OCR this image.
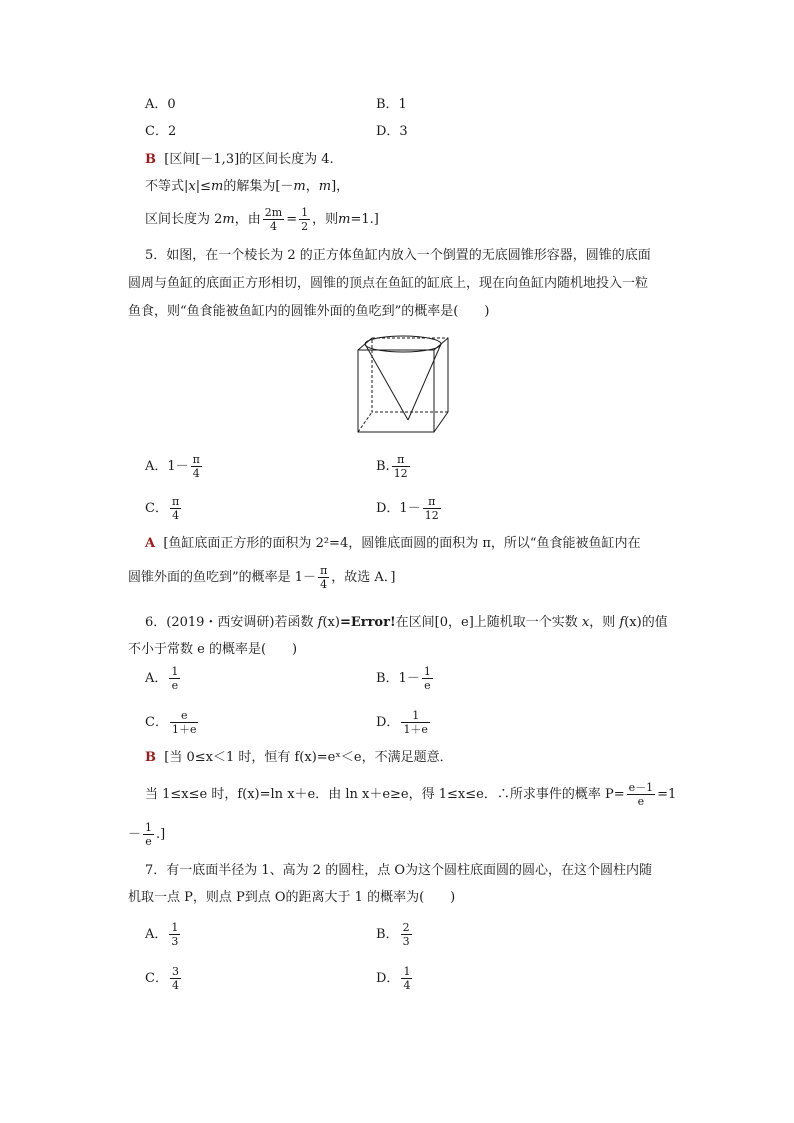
A．0	B．1
C．2	D．3
B [区间[－1,3]的区间长度为 4.
不等式|x|≤m的解集为[－m，m]，
区间长度为 2m，由 $\frac{2m}{4} = \frac{1}{2}$ ，则m=1.]
5．如图，在一个棱长为 2 的正方体鱼缸内放入一个倒置的无底圆锥形容器，圆锥的底面
圆周与鱼缸的底面正方形相切，圆锥的顶点在鱼缸的缸底上，现在向鱼缸内随机地投入一粒
鱼食，则“鱼食能被鱼缸内的圆锥外面的鱼吃到”的概率是(　　)
A．$1- \frac{\pi}{4}$	B. $\frac{\pi}{12}$
C． $\frac{\pi}{4}$	D．$1- \frac{\pi}{12}$
A [鱼缸底面正方形的面积为 2²=4，圆锥底面圆的面积为 π，所以“鱼食能被鱼缸内在
圆锥外面的鱼吃到”的概率是 $1- \frac{\pi}{4}$ ，故选 A．]
6．(2019・西安调研)若函数 f(x)=Error!在区间[0，e]上随机取一个实数 x，则 f(x)的值
不小于常数 e 的概率是(　　)
A． $\frac{1}{e}$	B．$1- \frac{1}{e}$
C． $\frac{e}{1+e}$	D． $\frac{1}{1+e}$
B [当 0≤x＜1 时，恒有 f(x)=eˣ＜e，不满足题意．
当 1≤x≤e 时，f(x)=ln x＋e．由 ln x＋e≥e，得 1≤x≤e．∴所求事件的概率 $P= \frac{e-1}{e} =1$
－ $\frac{1}{e}$ .]
7．有一底面半径为 1、高为 2 的圆柱，点 O为这个圆柱底面圆的圆心，在这个圆柱内随
机取一点 P，则点 P到点 O的距离大于 1 的概率为(　　)
A． $\frac{1}{3}$	B． $\frac{2}{3}$
C． $\frac{3}{4}$	D． $\frac{1}{4}$
